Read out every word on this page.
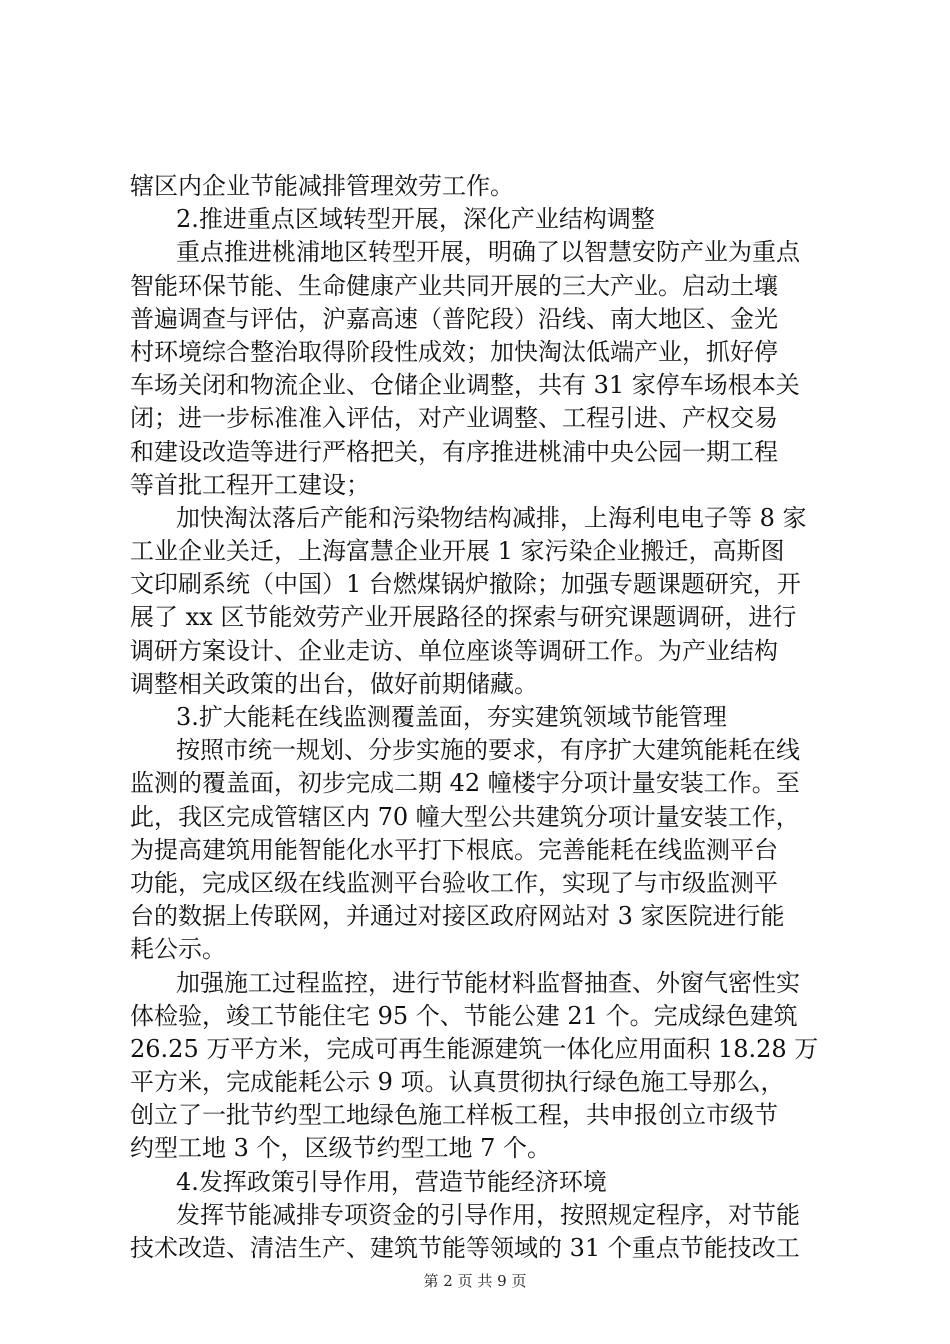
辖区内企业节能减排管理效劳工作。
2.推进重点区域转型开展，深化产业结构调整
重点推进桃浦地区转型开展，明确了以智慧安防产业为重点
智能环保节能、生命健康产业共同开展的三大产业。启动土壤
普遍调查与评估，沪嘉高速（普陀段）沿线、南大地区、金光
村环境综合整治取得阶段性成效；加快淘汰低端产业，抓好停
车场关闭和物流企业、仓储企业调整，共有 31 家停车场根本关
闭；进一步标准准入评估，对产业调整、工程引进、产权交易
和建设改造等进行严格把关，有序推进桃浦中央公园一期工程
等首批工程开工建设；
加快淘汰落后产能和污染物结构减排，上海利电电子等 8 家
工业企业关迁，上海富慧企业开展 1 家污染企业搬迁，高斯图
文印刷系统（中国）1 台燃煤锅炉撤除；加强专题课题研究，开
展了 xx 区节能效劳产业开展路径的探索与研究课题调研，进行
调研方案设计、企业走访、单位座谈等调研工作。为产业结构
调整相关政策的出台，做好前期储藏。
3.扩大能耗在线监测覆盖面，夯实建筑领域节能管理
按照市统一规划、分步实施的要求，有序扩大建筑能耗在线
监测的覆盖面，初步完成二期 42 幢楼宇分项计量安装工作。至
此，我区完成管辖区内 70 幢大型公共建筑分项计量安装工作，
为提高建筑用能智能化水平打下根底。完善能耗在线监测平台
功能，完成区级在线监测平台验收工作，实现了与市级监测平
台的数据上传联网，并通过对接区政府网站对 3 家医院进行能
耗公示。
加强施工过程监控，进行节能材料监督抽查、外窗气密性实
体检验，竣工节能住宅 95 个、节能公建 21 个。完成绿色建筑
26.25 万平方米，完成可再生能源建筑一体化应用面积 18.28 万
平方米，完成能耗公示 9 项。认真贯彻执行绿色施工导那么，
创立了一批节约型工地绿色施工样板工程，共申报创立市级节
约型工地 3 个，区级节约型工地 7 个。
4.发挥政策引导作用，营造节能经济环境
发挥节能减排专项资金的引导作用，按照规定程序，对节能
技术改造、清洁生产、建筑节能等领域的 31 个重点节能技改工
第 2 页 共 9 页
